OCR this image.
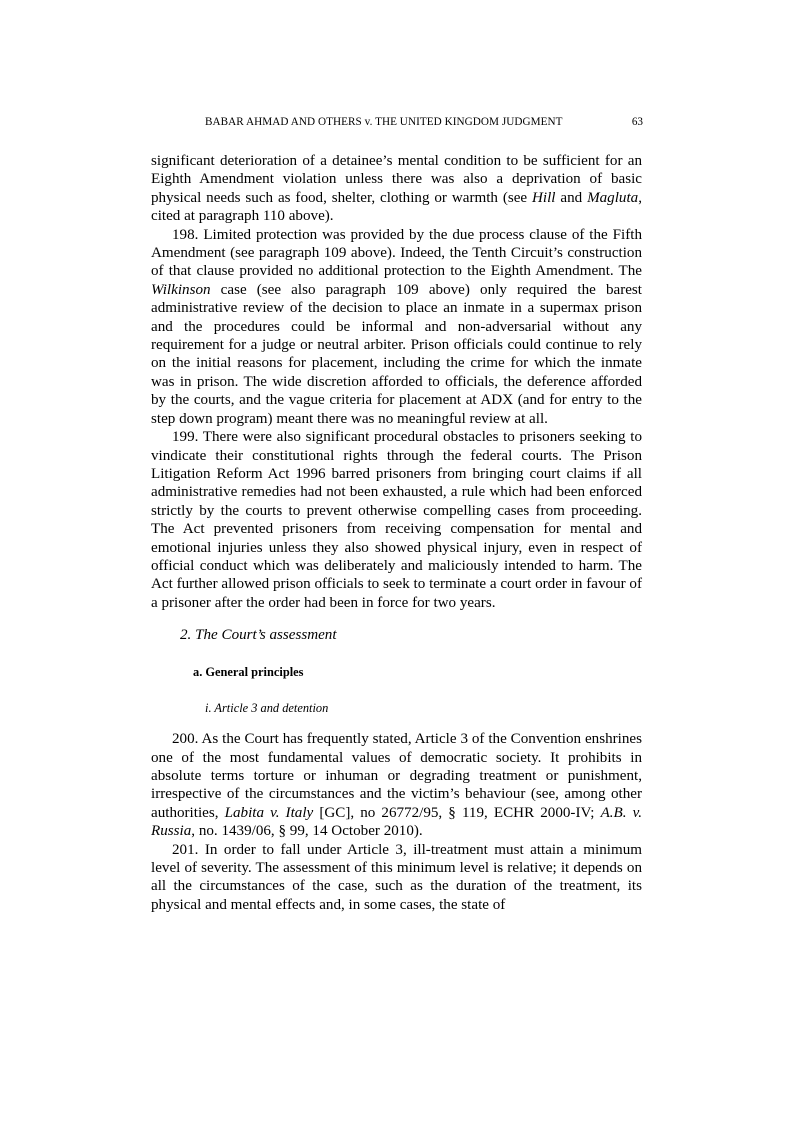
BABAR AHMAD AND OTHERS v. THE UNITED KINGDOM JUDGMENT	63

significant deterioration of a detainee’s mental condition to be sufficient for an Eighth Amendment violation unless there was also a deprivation of basic physical needs such as food, shelter, clothing or warmth (see Hill and Magluta, cited at paragraph 110 above).

198. Limited protection was provided by the due process clause of the Fifth Amendment (see paragraph 109 above). Indeed, the Tenth Circuit’s construction of that clause provided no additional protection to the Eighth Amendment. The Wilkinson case (see also paragraph 109 above) only required the barest administrative review of the decision to place an inmate in a supermax prison and the procedures could be informal and non-adversarial without any requirement for a judge or neutral arbiter. Prison officials could continue to rely on the initial reasons for placement, including the crime for which the inmate was in prison. The wide discretion afforded to officials, the deference afforded by the courts, and the vague criteria for placement at ADX (and for entry to the step down program) meant there was no meaningful review at all.

199. There were also significant procedural obstacles to prisoners seeking to vindicate their constitutional rights through the federal courts. The Prison Litigation Reform Act 1996 barred prisoners from bringing court claims if all administrative remedies had not been exhausted, a rule which had been enforced strictly by the courts to prevent otherwise compelling cases from proceeding. The Act prevented prisoners from receiving compensation for mental and emotional injuries unless they also showed physical injury, even in respect of official conduct which was deliberately and maliciously intended to harm. The Act further allowed prison officials to seek to terminate a court order in favour of a prisoner after the order had been in force for two years.

2. The Court’s assessment
a. General principles
i. Article 3 and detention

200. As the Court has frequently stated, Article 3 of the Convention enshrines one of the most fundamental values of democratic society. It prohibits in absolute terms torture or inhuman or degrading treatment or punishment, irrespective of the circumstances and the victim’s behaviour (see, among other authorities, Labita v. Italy [GC], no 26772/95, § 119, ECHR 2000-IV; A.B. v. Russia, no. 1439/06, § 99, 14 October 2010).

201. In order to fall under Article 3, ill-treatment must attain a minimum level of severity. The assessment of this minimum level is relative; it depends on all the circumstances of the case, such as the duration of the treatment, its physical and mental effects and, in some cases, the state of
